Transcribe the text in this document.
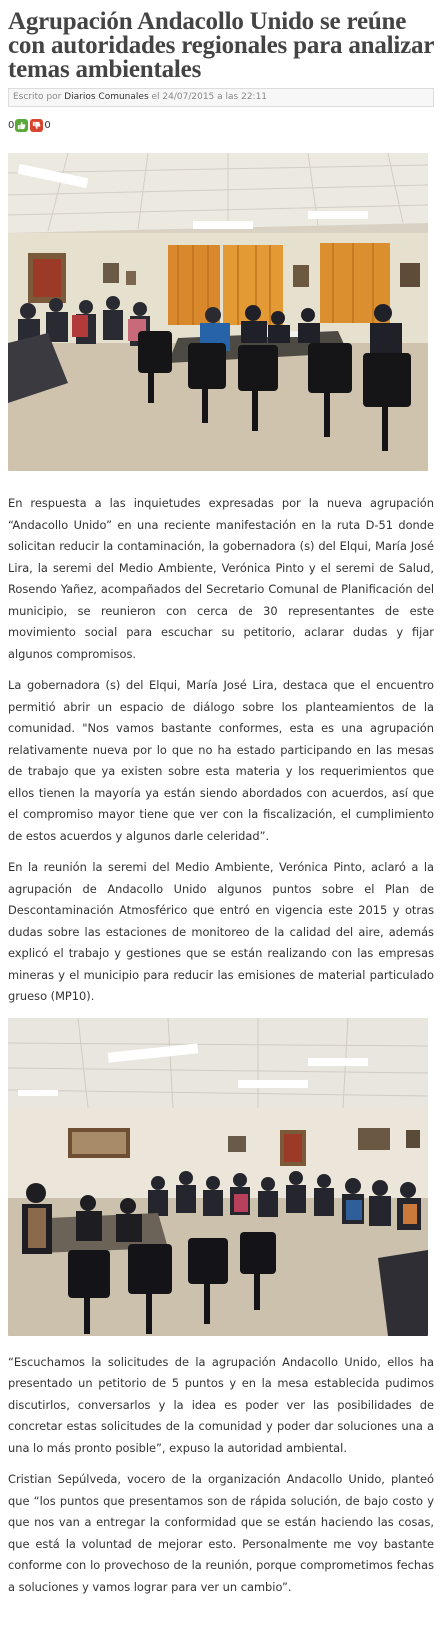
Agrupación Andacollo Unido se reúne con autoridades regionales para analizar temas ambientales
Escrito por Diarios Comunales el 24/07/2015 a las 22:11
0	0

En respuesta a las inquietudes expresadas por la nueva agrupación “Andacollo Unido” en una reciente manifestación en la ruta D-51 donde solicitan reducir la contaminación, la gobernadora (s) del Elqui, María José Lira, la seremi del Medio Ambiente, Verónica Pinto y el seremi de Salud, Rosendo Yañez, acompañados del Secretario Comunal de Planificación del municipio, se reunieron con cerca de 30 representantes de este movimiento social para escuchar su petitorio, aclarar dudas y fijar algunos compromisos.

La gobernadora (s) del Elqui, María José Lira, destaca que el encuentro permitió abrir un espacio de diálogo sobre los planteamientos de la comunidad. "Nos vamos bastante conformes, esta es una agrupación relativamente nueva por lo que no ha estado participando en las mesas de trabajo que ya existen sobre esta materia y los requerimientos que ellos tienen la mayoría ya están siendo abordados con acuerdos, así que el compromiso mayor tiene que ver con la fiscalización, el cumplimiento de estos acuerdos y algunos darle celeridad”.

En la reunión la seremi del Medio Ambiente, Verónica Pinto, aclaró a la agrupación de Andacollo Unido algunos puntos sobre el Plan de Descontaminación Atmosférico que entró en vigencia este 2015 y otras dudas sobre las estaciones de monitoreo de la calidad del aire, además explicó el trabajo y gestiones que se están realizando con las empresas mineras y el municipio para reducir las emisiones de material particulado grueso (MP10).

“Escuchamos la solicitudes de la agrupación Andacollo Unido, ellos ha presentado un petitorio de 5 puntos y en la mesa establecida pudimos discutirlos, conversarlos y la idea es poder ver las posibilidades de concretar estas solicitudes de la comunidad y poder dar soluciones una a una lo más pronto posible”, expuso la autoridad ambiental.

Cristian Sepúlveda, vocero de la organización Andacollo Unido, planteó que “los puntos que presentamos son de rápida solución, de bajo costo y que nos van a entregar la conformidad que se están haciendo las cosas, que está la voluntad de mejorar esto. Personalmente me voy bastante conforme con lo provechoso de la reunión, porque comprometimos fechas a soluciones y vamos lograr para ver un cambio”.
